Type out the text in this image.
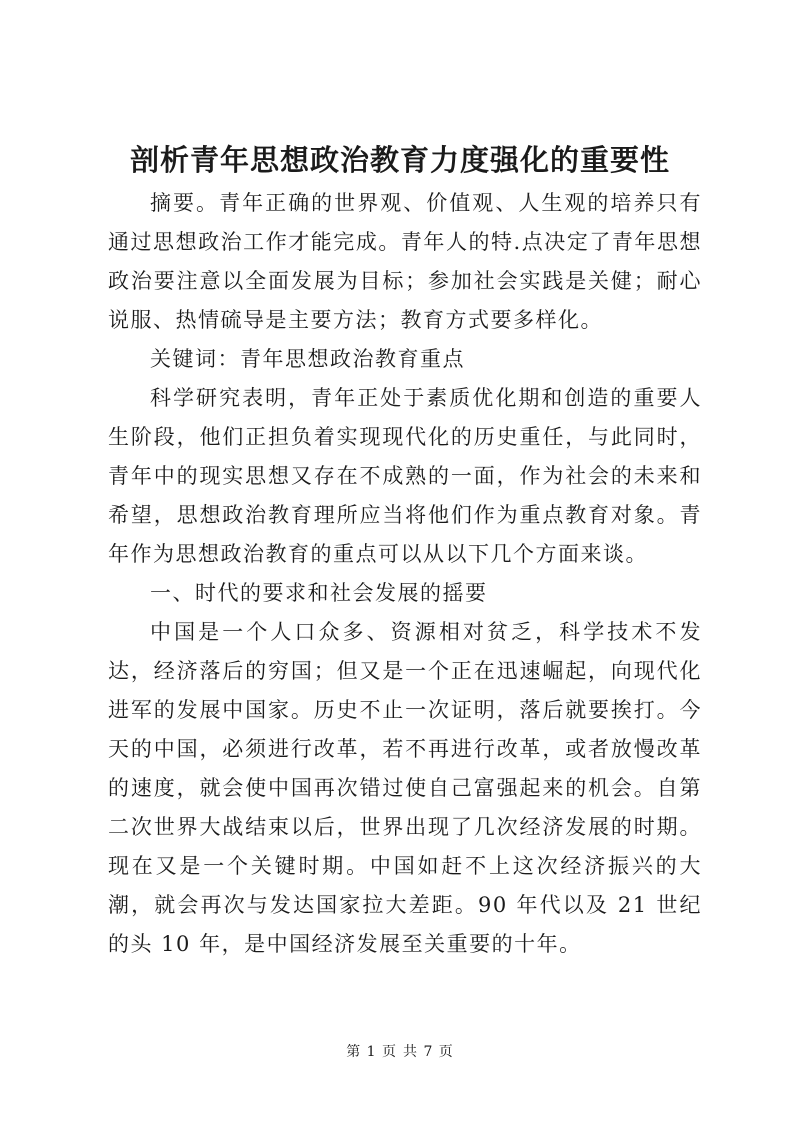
剖析青年思想政治教育力度强化的重要性

摘要。青年正确的世界观、价值观、人生观的培养只有通过思想政治工作才能完成。青年人的特.点决定了青年思想政治要注意以全面发展为目标；参加社会实践是关健；耐心说服、热情硫导是主要方法；教育方式要多样化。

关键词：青年思想政治教育重点

科学研究表明，青年正处于素质优化期和创造的重要人生阶段，他们正担负着实现现代化的历史重任，与此同时，青年中的现实思想又存在不成熟的一面，作为社会的未来和希望，思想政治教育理所应当将他们作为重点教育对象。青年作为思想政治教育的重点可以从以下几个方面来谈。

一、时代的要求和社会发展的摇要

中国是一个人口众多、资源相对贫乏，科学技术不发达，经济落后的穷国；但又是一个正在迅速崛起，向现代化进军的发展中国家。历史不止一次证明，落后就要挨打。今天的中国，必须进行改革，若不再进行改革，或者放慢改革的速度，就会使中国再次错过使自己富强起来的机会。自第二次世界大战结束以后，世界出现了几次经济发展的时期。现在又是一个关键时期。中国如赶不上这次经济振兴的大潮，就会再次与发达国家拉大差距。90 年代以及 21 世纪的头 10 年，是中国经济发展至关重要的十年。

第 1 页 共 7 页
